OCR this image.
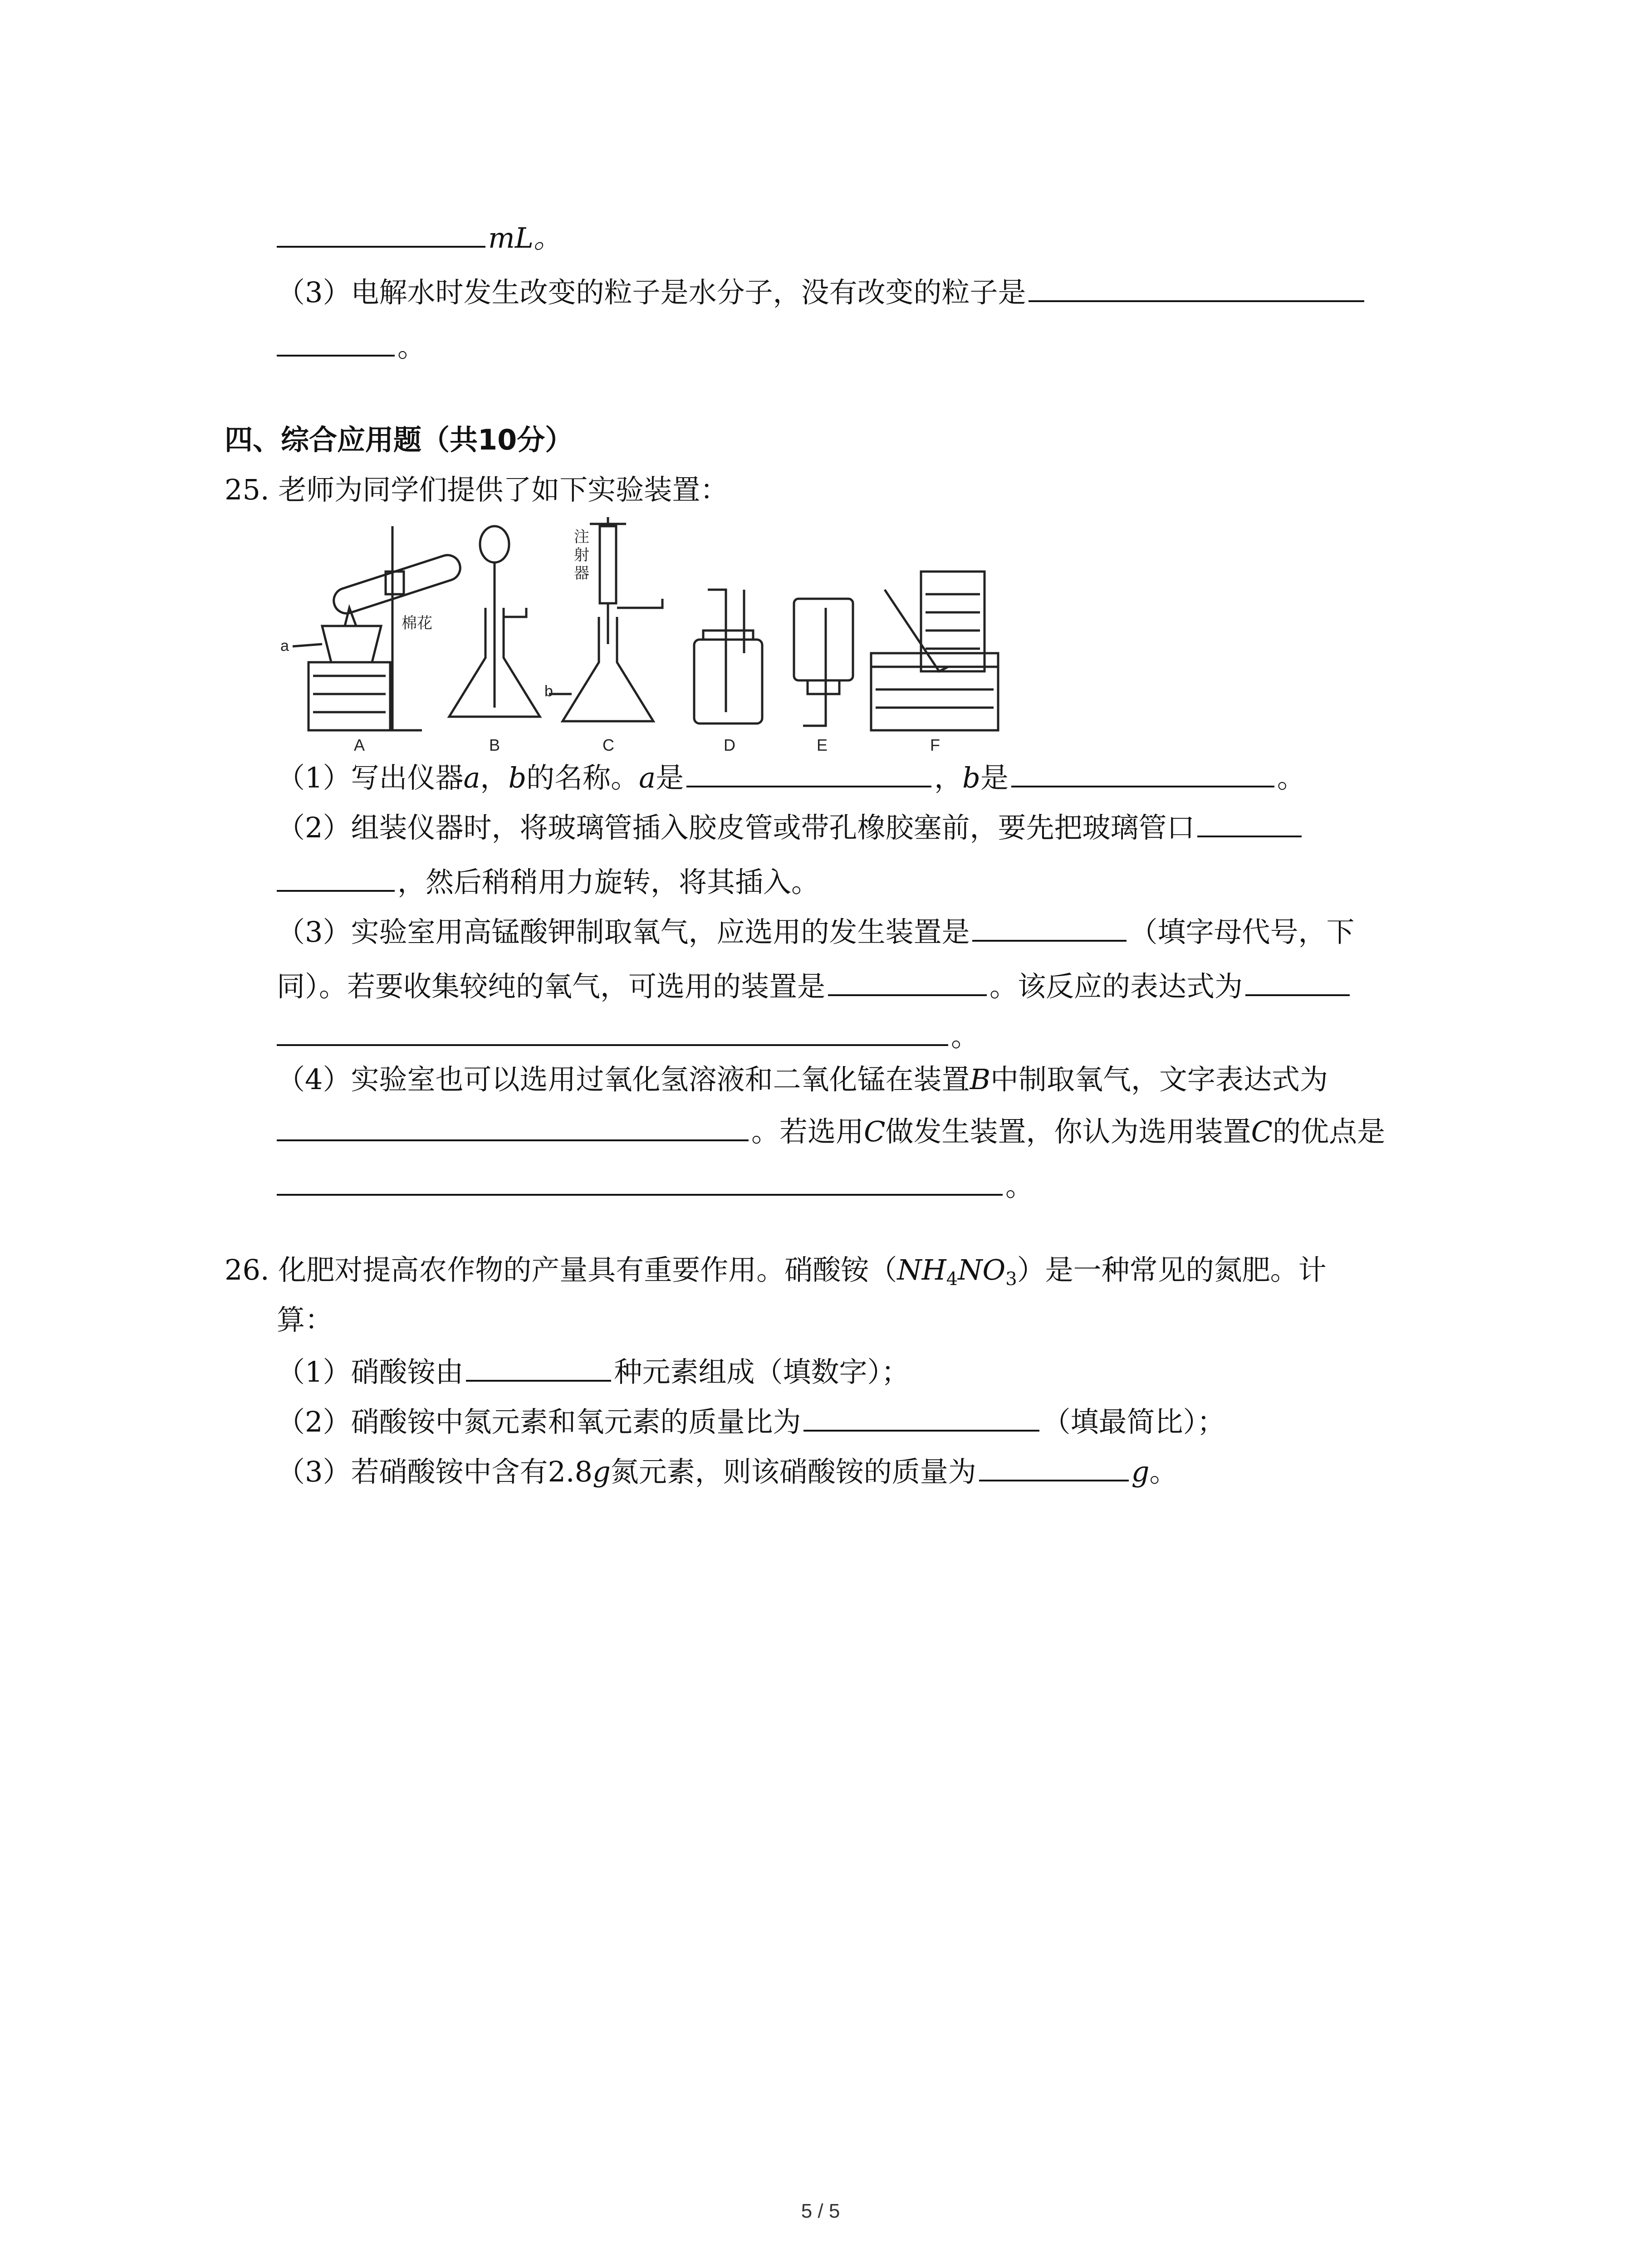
mL。
（3）电解水时发生改变的粒子是水分子，没有改变的粒子是
。
四、综合应用题（共10分）
25. 老师为同学们提供了如下实验装置：
a
b
棉花
注
射
器
A	B	C	D	E	F
（1）写出仪器a，b的名称。a是	，b是	。
（2）组装仪器时，将玻璃管插入胶皮管或带孔橡胶塞前，要先把玻璃管口
，然后稍稍用力旋转，将其插入。
（3）实验室用高锰酸钾制取氧气，应选用的发生装置是	（填字母代号，下
同）。若要收集较纯的氧气，可选用的装置是	。该反应的表达式为
。
（4）实验室也可以选用过氧化氢溶液和二氧化锰在装置B中制取氧气，文字表达式为
。若选用C做发生装置，你认为选用装置C的优点是
。
26. 化肥对提高农作物的产量具有重要作用。硝酸铵$(NH_4NO_3)$是一种常见的氮肥。计
算：
（1）硝酸铵由	种元素组成（填数字）；
（2）硝酸铵中氮元素和氧元素的质量比为	（填最简比）；
（3）若硝酸铵中含有2.8g氮元素，则该硝酸铵的质量为	g。
5 / 5
